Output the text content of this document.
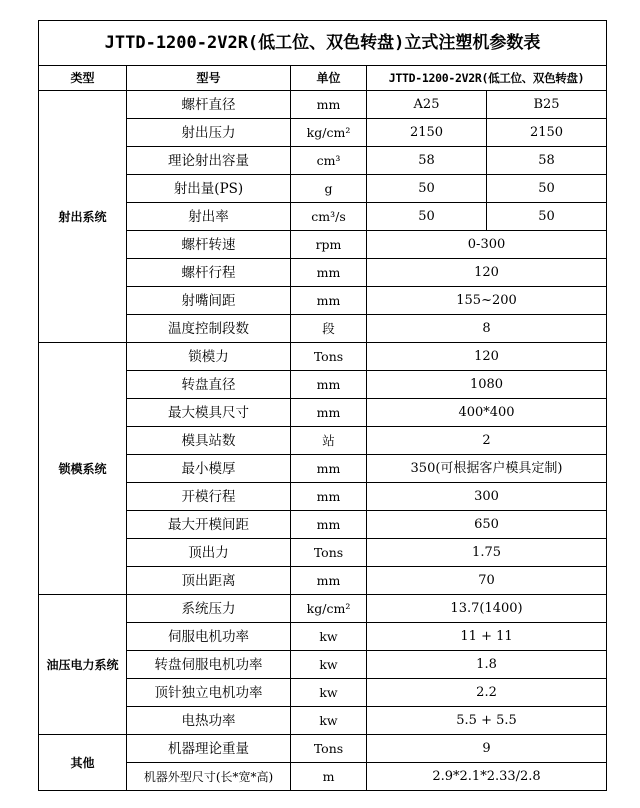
JTTD-1200-2V2R(低工位、双色转盘)立式注塑机参数表				
类型	型号	单位	JTTD-1200-2V2R(低工位、双色转盘)	
射出系统	螺杆直径	mm	A25	B25
	射出压力	kg/cm²	2150	2150
	理论射出容量	cm³	58	58
	射出量(PS)	g	50	50
	射出率	cm³/s	50	50
	螺杆转速	rpm	0-300	
	螺杆行程	mm	120	
	射嘴间距	mm	155~200	
	温度控制段数	段	8	
锁模系统	锁模力	Tons	120	
	转盘直径	mm	1080	
	最大模具尺寸	mm	400*400	
	模具站数	站	2	
	最小模厚	mm	350(可根据客户模具定制)	
	开模行程	mm	300	
	最大开模间距	mm	650	
	顶出力	Tons	1.75	
	顶出距离	mm	70	
油压电力系统	系统压力	kg/cm²	13.7(1400)	
	伺服电机功率	kw	11 + 11	
	转盘伺服电机功率	kw	1.8	
	顶针独立电机功率	kw	2.2	
	电热功率	kw	5.5 + 5.5	
其他	机器理论重量	Tons	9	
	机器外型尺寸(长*宽*高)	m	2.9*2.1*2.33/2.8	
